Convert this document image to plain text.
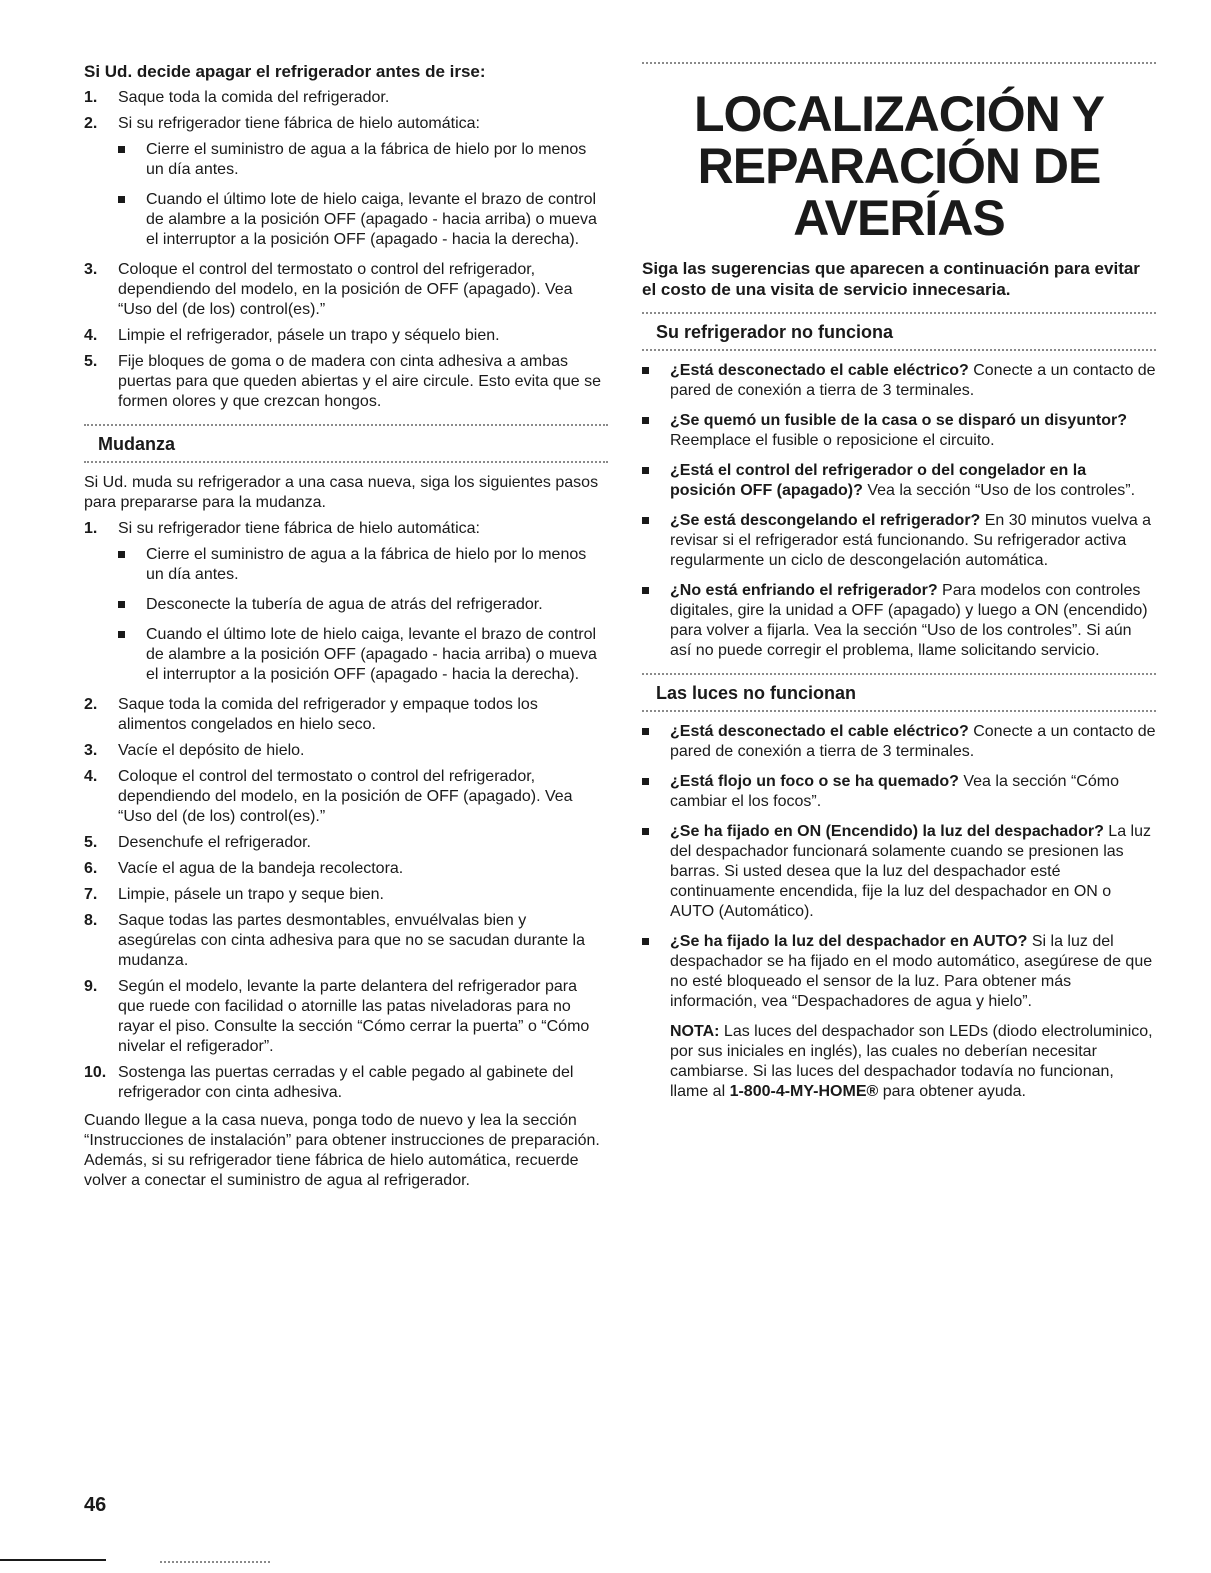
Si Ud. decide apagar el refrigerador antes de irse:
1.	Saque toda la comida del refrigerador.
2.	Si su refrigerador tiene fábrica de hielo automática:
Cierre el suministro de agua a la fábrica de hielo por lo menos un día antes.
Cuando el último lote de hielo caiga, levante el brazo de control de alambre a la posición OFF (apagado - hacia arriba) o mueva el interruptor a la posición OFF (apagado - hacia la derecha).
3.	Coloque el control del termostato o control del refrigerador, dependiendo del modelo, en la posición de OFF (apagado). Vea “Uso del (de los) control(es).”
4.	Limpie el refrigerador, pásele un trapo y séquelo bien.
5.	Fije bloques de goma o de madera con cinta adhesiva a ambas puertas para que queden abiertas y el aire circule. Esto evita que se formen olores y que crezcan hongos.
Mudanza

Si Ud. muda su refrigerador a una casa nueva, siga los siguientes pasos para prepararse para la mudanza.

1.	Si su refrigerador tiene fábrica de hielo automática:
Cierre el suministro de agua a la fábrica de hielo por lo menos un día antes.
Desconecte la tubería de agua de atrás del refrigerador.
Cuando el último lote de hielo caiga, levante el brazo de control de alambre a la posición OFF (apagado - hacia arriba) o mueva el interruptor a la posición OFF (apagado - hacia la derecha).
2.	Saque toda la comida del refrigerador y empaque todos los alimentos congelados en hielo seco.
3.	Vacíe el depósito de hielo.
4.	Coloque el control del termostato o control del refrigerador, dependiendo del modelo, en la posición de OFF (apagado). Vea “Uso del (de los) control(es).”
5.	Desenchufe el refrigerador.
6.	Vacíe el agua de la bandeja recolectora.
7.	Limpie, pásele un trapo y seque bien.
8.	Saque todas las partes desmontables, envuélvalas bien y asegúrelas con cinta adhesiva para que no se sacudan durante la mudanza.
9.	Según el modelo, levante la parte delantera del refrigerador para que ruede con facilidad o atornille las patas niveladoras para no rayar el piso. Consulte la sección “Cómo cerrar la puerta” o “Cómo nivelar el refigerador”.
10. Sostenga las puertas cerradas y el cable pegado al gabinete del refrigerador con cinta adhesiva.

Cuando llegue a la casa nueva, ponga todo de nuevo y lea la sección “Instrucciones de instalación” para obtener instrucciones de preparación. Además, si su refrigerador tiene fábrica de hielo automática, recuerde volver a conectar el suministro de agua al refrigerador.

LOCALIZACIÓN Y
REPARACIÓN DE
AVERÍAS
Siga las sugerencias que aparecen a continuación para evitar el costo de una visita de servicio innecesaria.
Su refrigerador no funciona
¿Está desconectado el cable eléctrico? Conecte a un contacto de pared de conexión a tierra de 3 terminales.
¿Se quemó un fusible de la casa o se disparó un disyuntor? Reemplace el fusible o reposicione el circuito.
¿Está el control del refrigerador o del congelador en la posición OFF (apagado)? Vea la sección “Uso de los controles”.
¿Se está descongelando el refrigerador? En 30 minutos vuelva a revisar si el refrigerador está funcionando. Su refrigerador activa regularmente un ciclo de descongelación automática.
¿No está enfriando el refrigerador? Para modelos con controles digitales, gire la unidad a OFF (apagado) y luego a ON (encendido) para volver a fijarla. Vea la sección “Uso de los controles”. Si aún así no puede corregir el problema, llame solicitando servicio.
Las luces no funcionan
¿Está desconectado el cable eléctrico? Conecte a un contacto de pared de conexión a tierra de 3 terminales.
¿Está flojo un foco o se ha quemado? Vea la sección “Cómo cambiar el los focos”.
¿Se ha fijado en ON (Encendido) la luz del despachador? La luz del despachador funcionará solamente cuando se presionen las barras. Si usted desea que la luz del despachador esté continuamente encendida, fije la luz del despachador en ON o AUTO (Automático).
¿Se ha fijado la luz del despachador en AUTO? Si la luz del despachador se ha fijado en el modo automático, asegúrese de que no esté bloqueado el sensor de la luz. Para obtener más información, vea “Despachadores de agua y hielo”.

NOTA: Las luces del despachador son LEDs (diodo electroluminico, por sus iniciales en inglés), las cuales no deberían necesitar cambiarse. Si las luces del despachador todavía no funcionan, llame al 1-800-4-MY-HOME® para obtener ayuda.

46
